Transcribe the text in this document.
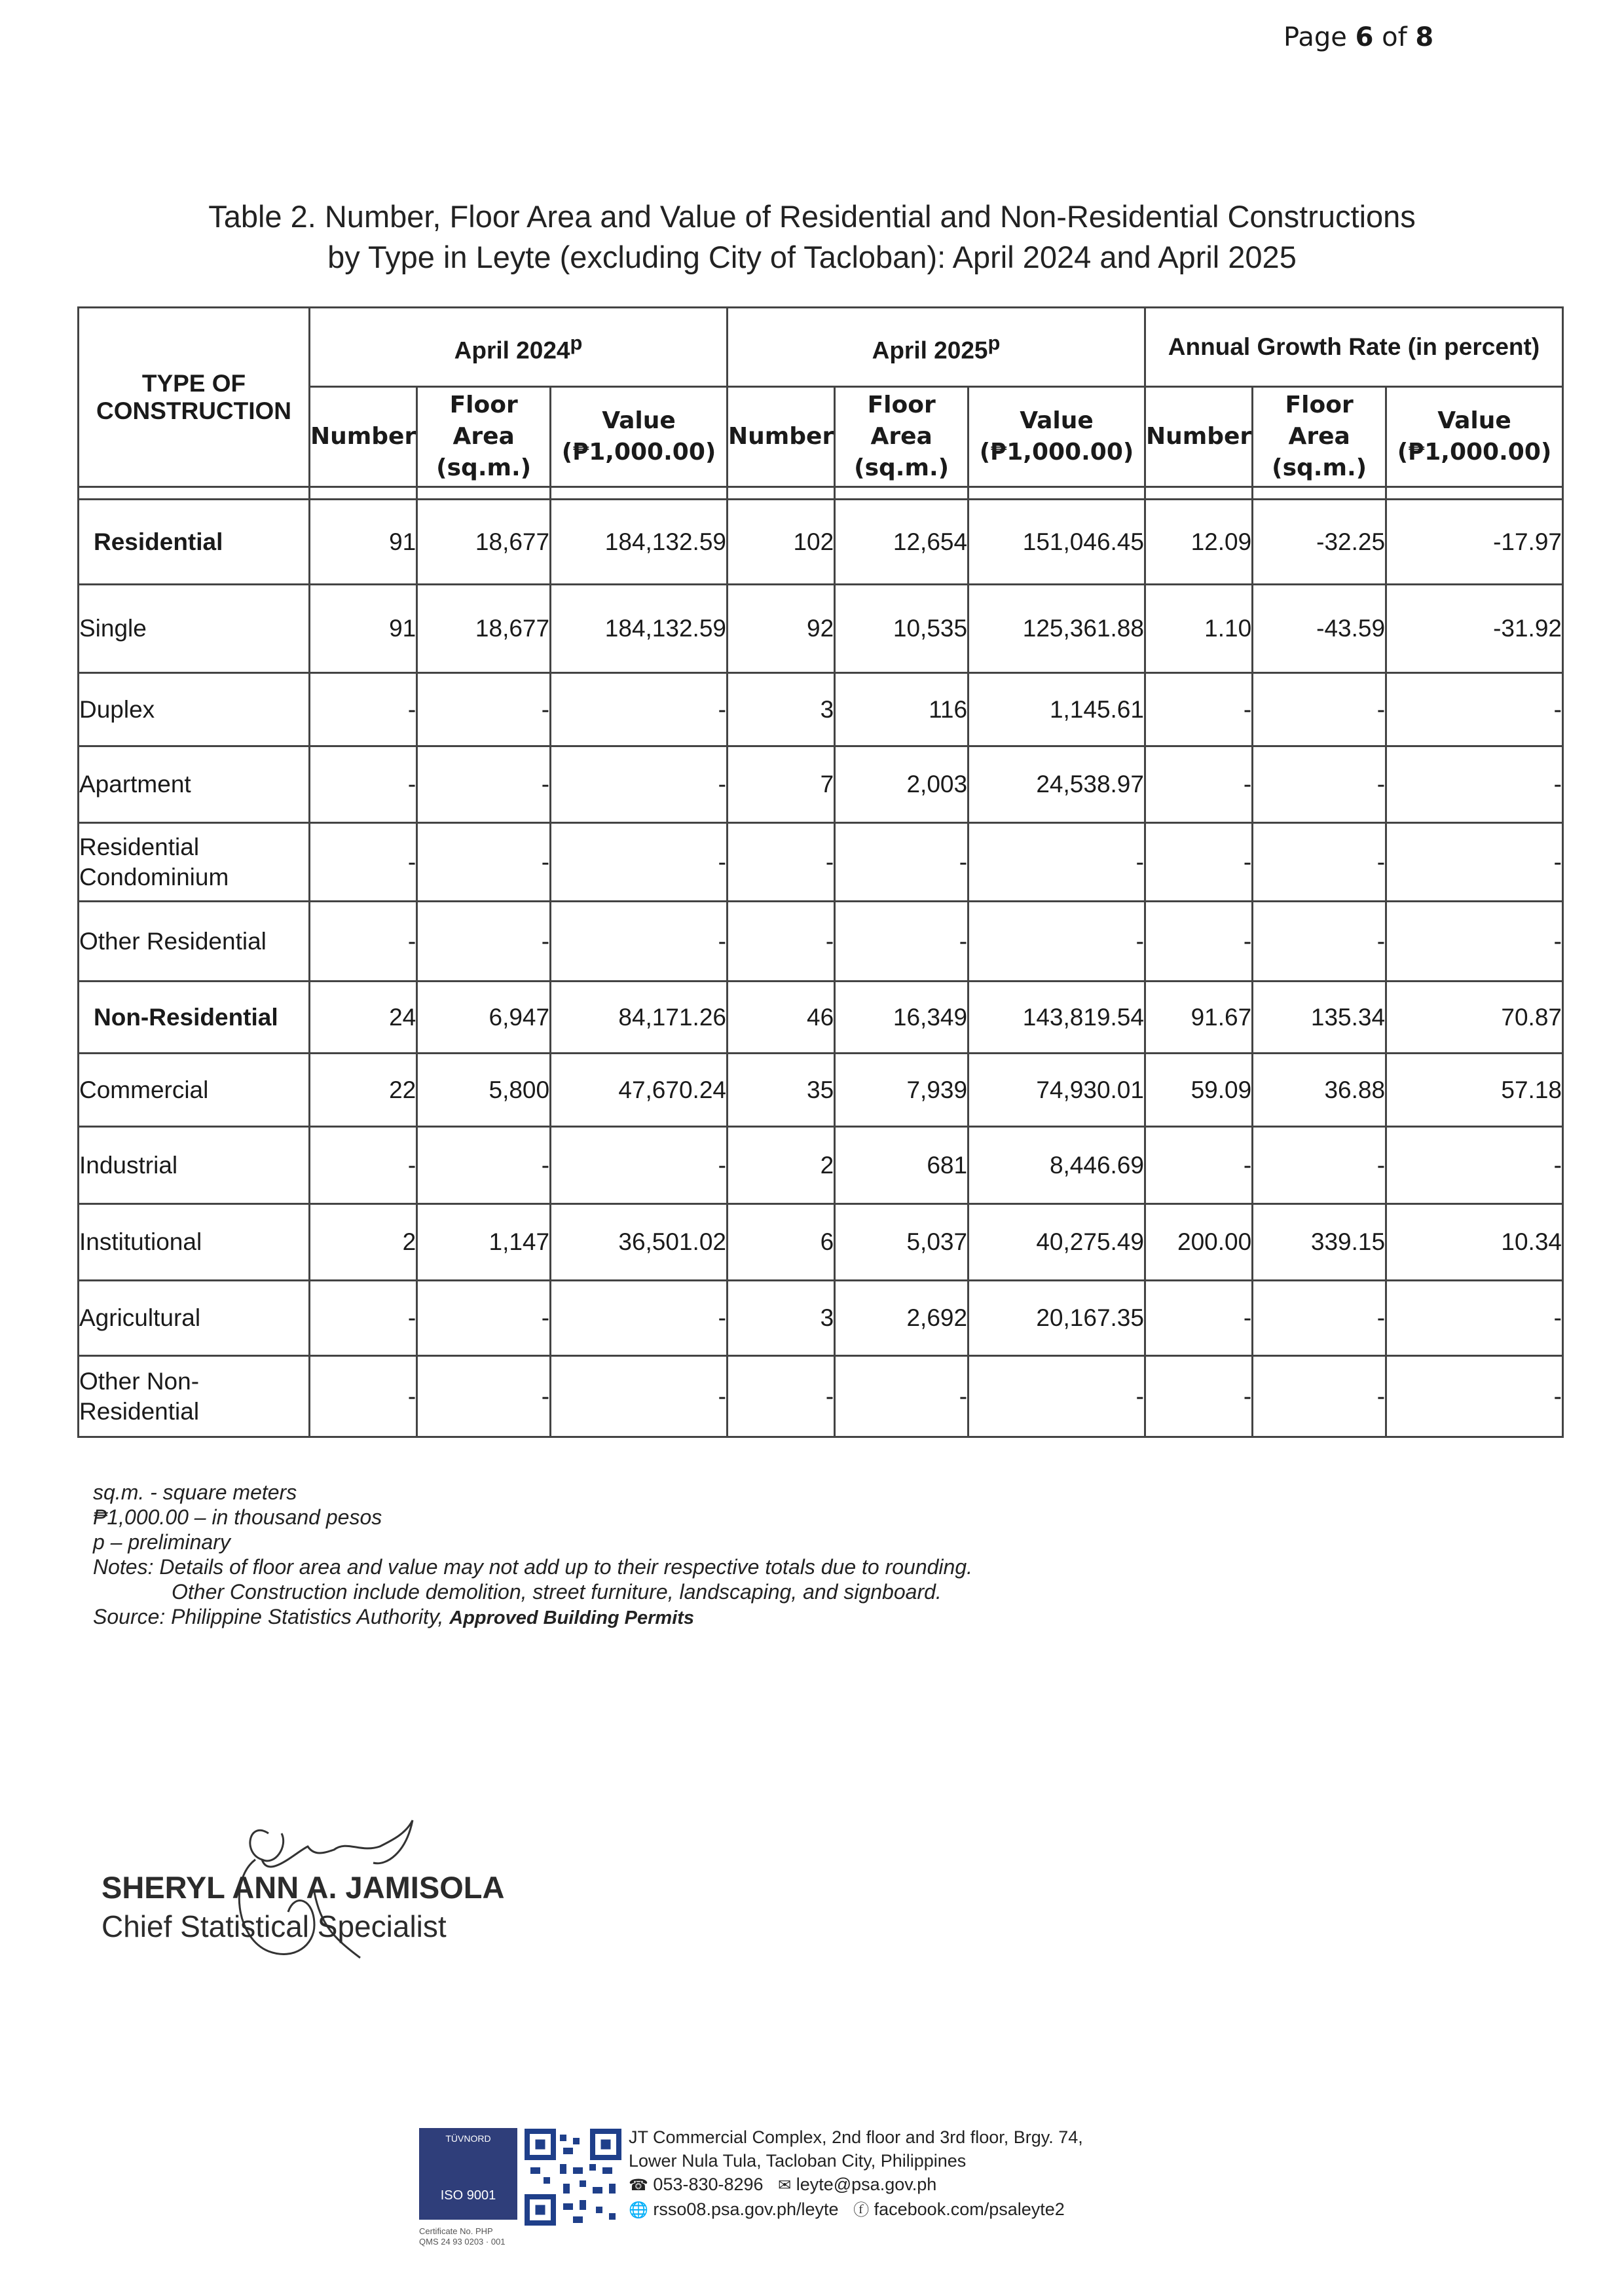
Page 6 of 8
Table 2. Number, Floor Area and Value of Residential and Non-Residential Constructions
by Type in Leyte (excluding City of Tacloban): April 2024 and April 2025
TYPE OF CONSTRUCTION	April 2024$^p$			April 2025$^p$			Annual Growth Rate (in percent)		
	Number	Floor Area (sq.m.)	Value (₱1,000.00)	Number	Floor Area (sq.m.)	Value (₱1,000.00)	Number	Floor Area (sq.m.)	Value (₱1,000.00)

Residential	91	18,677	184,132.59	102	12,654	151,046.45	12.09	-32.25	-17.97
Single	91	18,677	184,132.59	92	10,535	125,361.88	1.10	-43.59	-31.92
Duplex	-	-	-	3	116	1,145.61	-	-	-
Apartment	-	-	-	7	2,003	24,538.97	-	-	-
Residential Condominium	-	-	-	-	-	-	-	-	-
Other Residential	-	-	-	-	-	-	-	-	-
Non-Residential	24	6,947	84,171.26	46	16,349	143,819.54	91.67	135.34	70.87
Commercial	22	5,800	47,670.24	35	7,939	74,930.01	59.09	36.88	57.18
Industrial	-	-	-	2	681	8,446.69	-	-	-
Institutional	2	1,147	36,501.02	6	5,037	40,275.49	200.00	339.15	10.34
Agricultural	-	-	-	3	2,692	20,167.35	-	-	-
Other Non-Residential	-	-	-	-	-	-	-	-	-
sq.m. - square meters
₱1,000.00 – in thousand pesos
p – preliminary
Notes: Details of floor area and value may not add up to their respective totals due to rounding.
Other Construction include demolition, street furniture, landscaping, and signboard.
Source: Philippine Statistics Authority, Approved Building Permits
SHERYL ANN A. JAMISOLA
Chief Statistical Specialist
TÜVNORD
ISO 9001
Certificate No. PHP
QMS 24 93 0203 · 001
JT Commercial Complex, 2nd floor and 3rd floor, Brgy. 74,
Lower Nula Tula, Tacloban City, Philippines
☎ 053-830-8296 ✉ leyte@psa.gov.ph
🌐 rsso08.psa.gov.ph/leyte ⓕ facebook.com/psaleyte2
